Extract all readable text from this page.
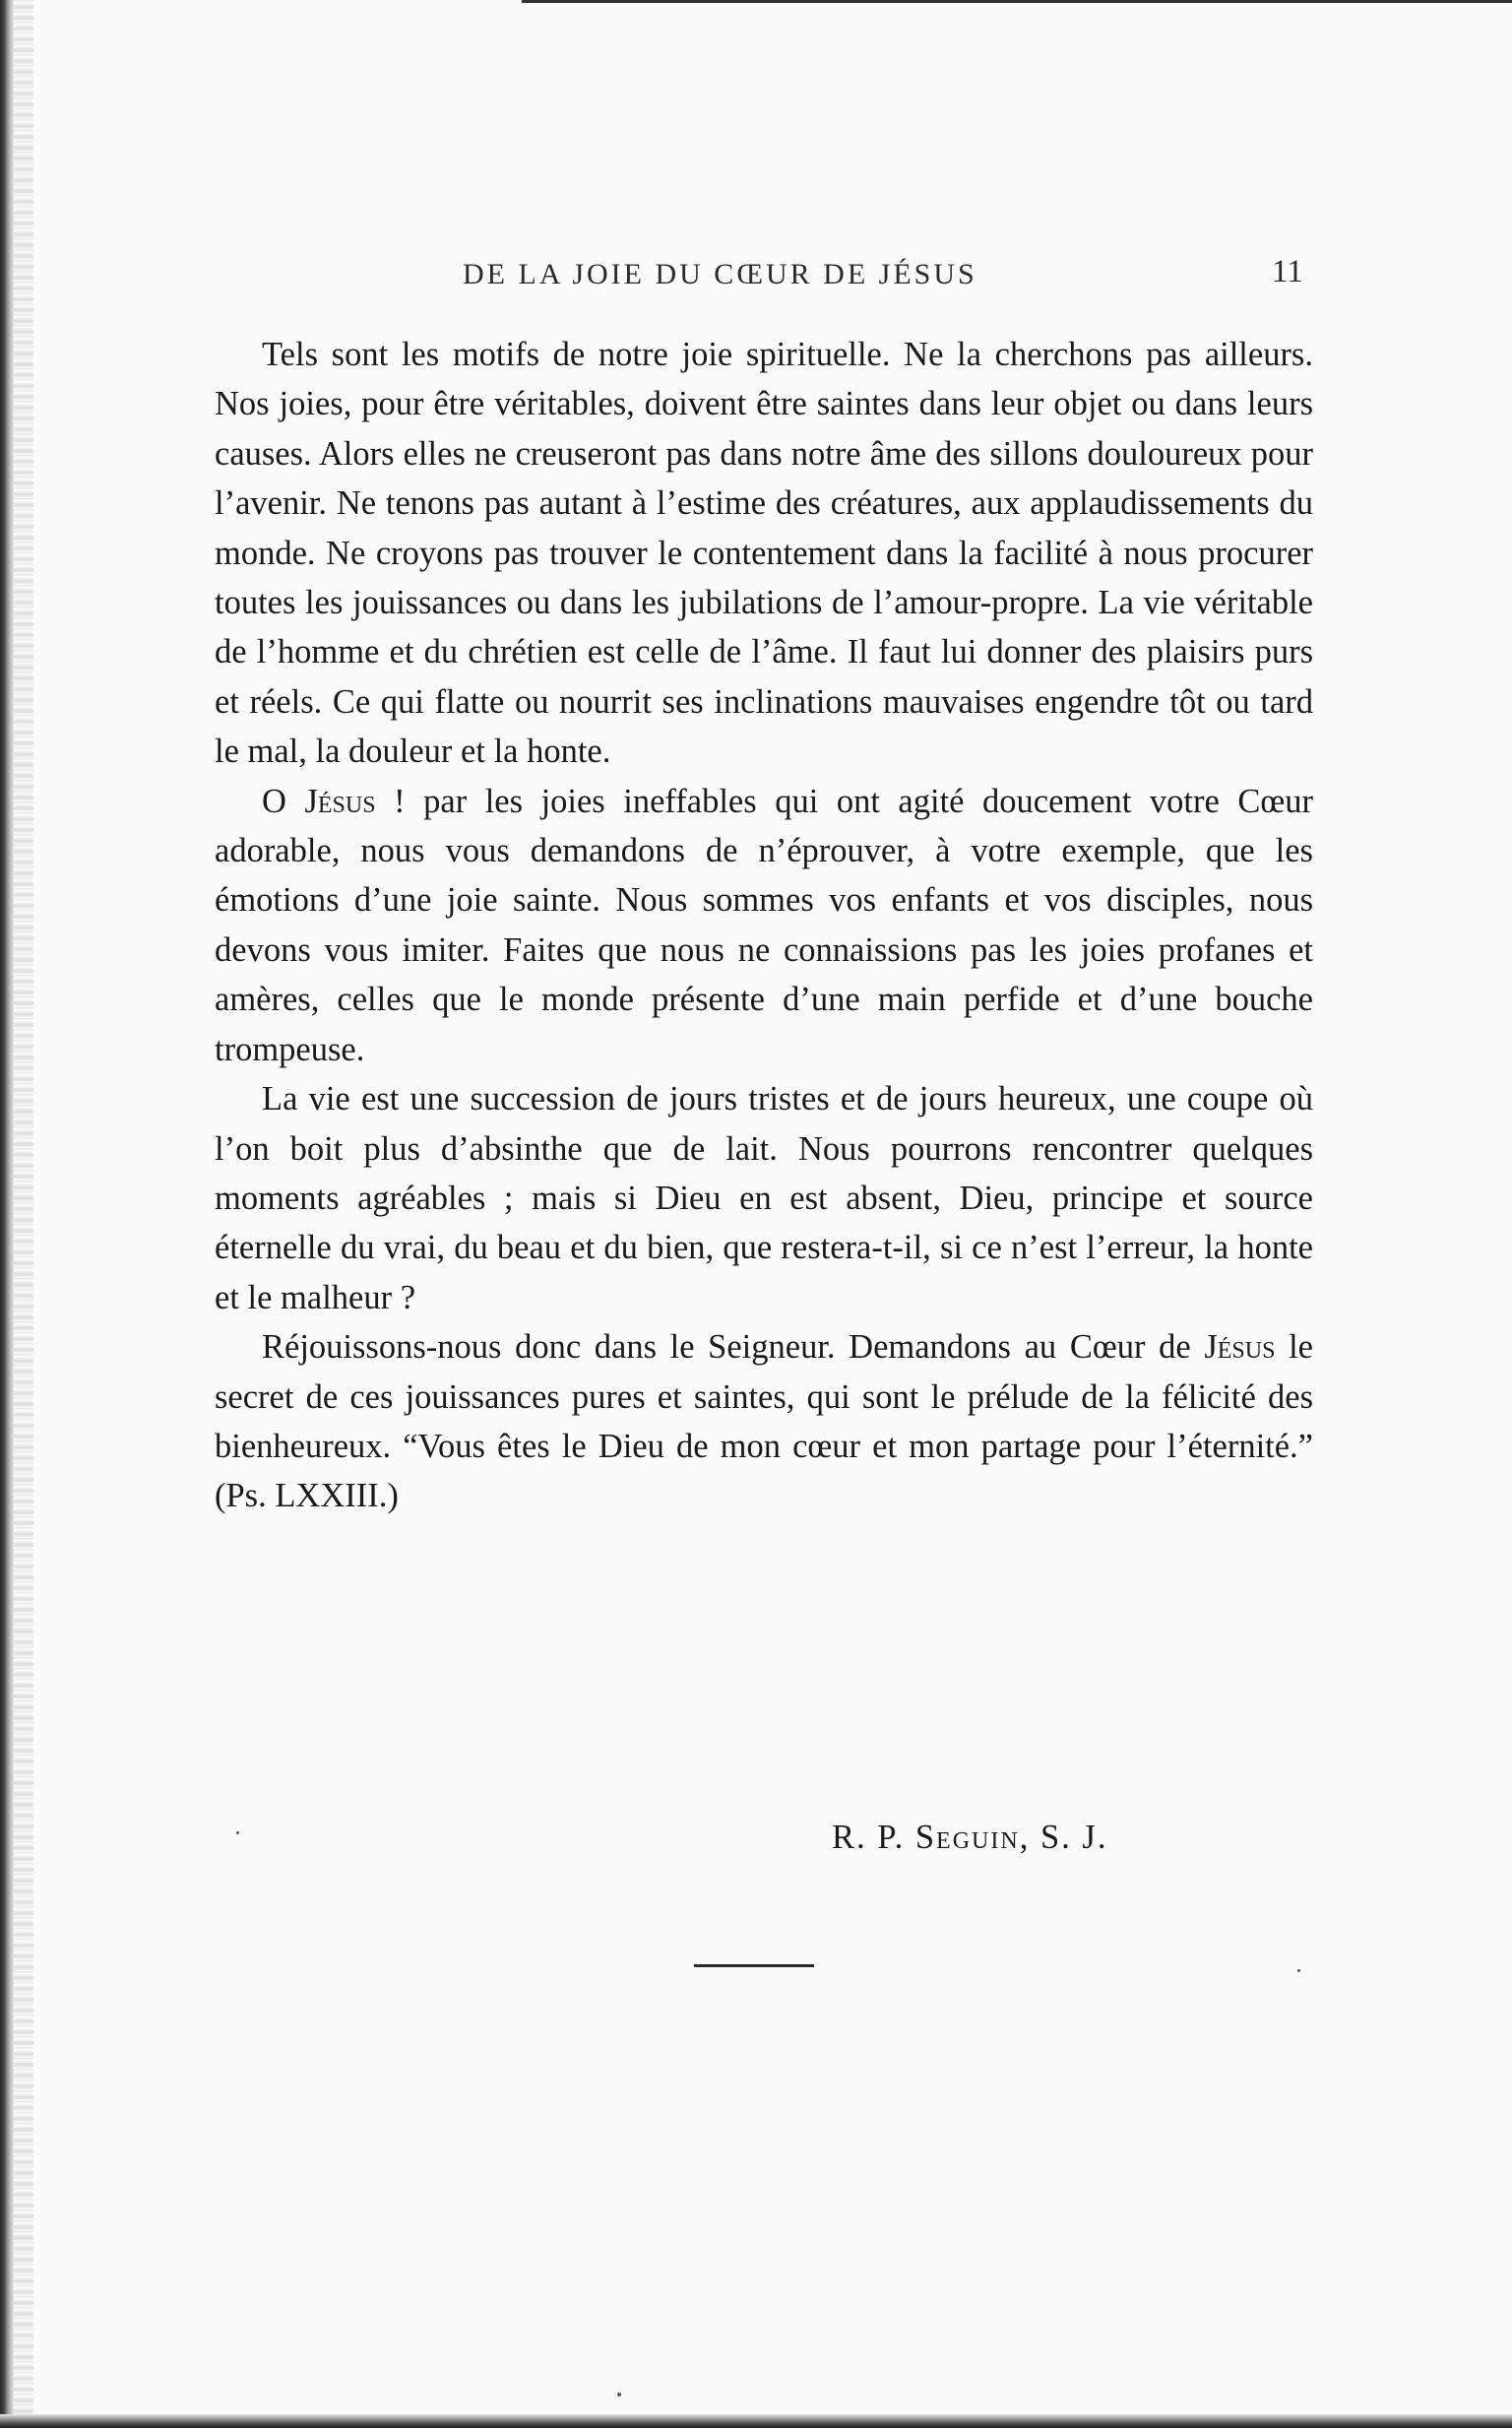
DE LA JOIE DU CŒUR DE JÉSUS	11

Tels sont les motifs de notre joie spirituelle. Ne la cherchons pas ailleurs. Nos joies, pour être véritables, doivent être saintes dans leur objet ou dans leurs causes. Alors elles ne creuseront pas dans notre âme des sillons douloureux pour l’avenir. Ne tenons pas autant à l’estime des créatures, aux applaudissements du monde. Ne croyons pas trouver le contentement dans la facilité à nous procurer toutes les jouissances ou dans les jubilations de l’amour-propre. La vie véritable de l’homme et du chrétien est celle de l’âme. Il faut lui donner des plaisirs purs et réels. Ce qui flatte ou nourrit ses inclinations mauvaises engendre tôt ou tard le mal, la douleur et la honte.

O Jésus ! par les joies ineffables qui ont agité doucement votre Cœur adorable, nous vous demandons de n’éprouver, à votre exemple, que les émotions d’une joie sainte. Nous sommes vos enfants et vos disciples, nous devons vous imiter. Faites que nous ne connaissions pas les joies profanes et amères, celles que le monde présente d’une main perfide et d’une bouche trompeuse.

La vie est une succession de jours tristes et de jours heureux, une coupe où l’on boit plus d’absinthe que de lait. Nous pourrons rencontrer quelques moments agréables ; mais si Dieu en est absent, Dieu, principe et source éternelle du vrai, du beau et du bien, que restera-t-il, si ce n’est l’erreur, la honte et le malheur ?

Réjouissons-nous donc dans le Seigneur. Demandons au Cœur de Jésus le secret de ces jouissances pures et saintes, qui sont le prélude de la félicité des bienheureux. “Vous êtes le Dieu de mon cœur et mon partage pour l’éternité.” (Ps. LXXIII.)

R. P. Seguin, S. J.
